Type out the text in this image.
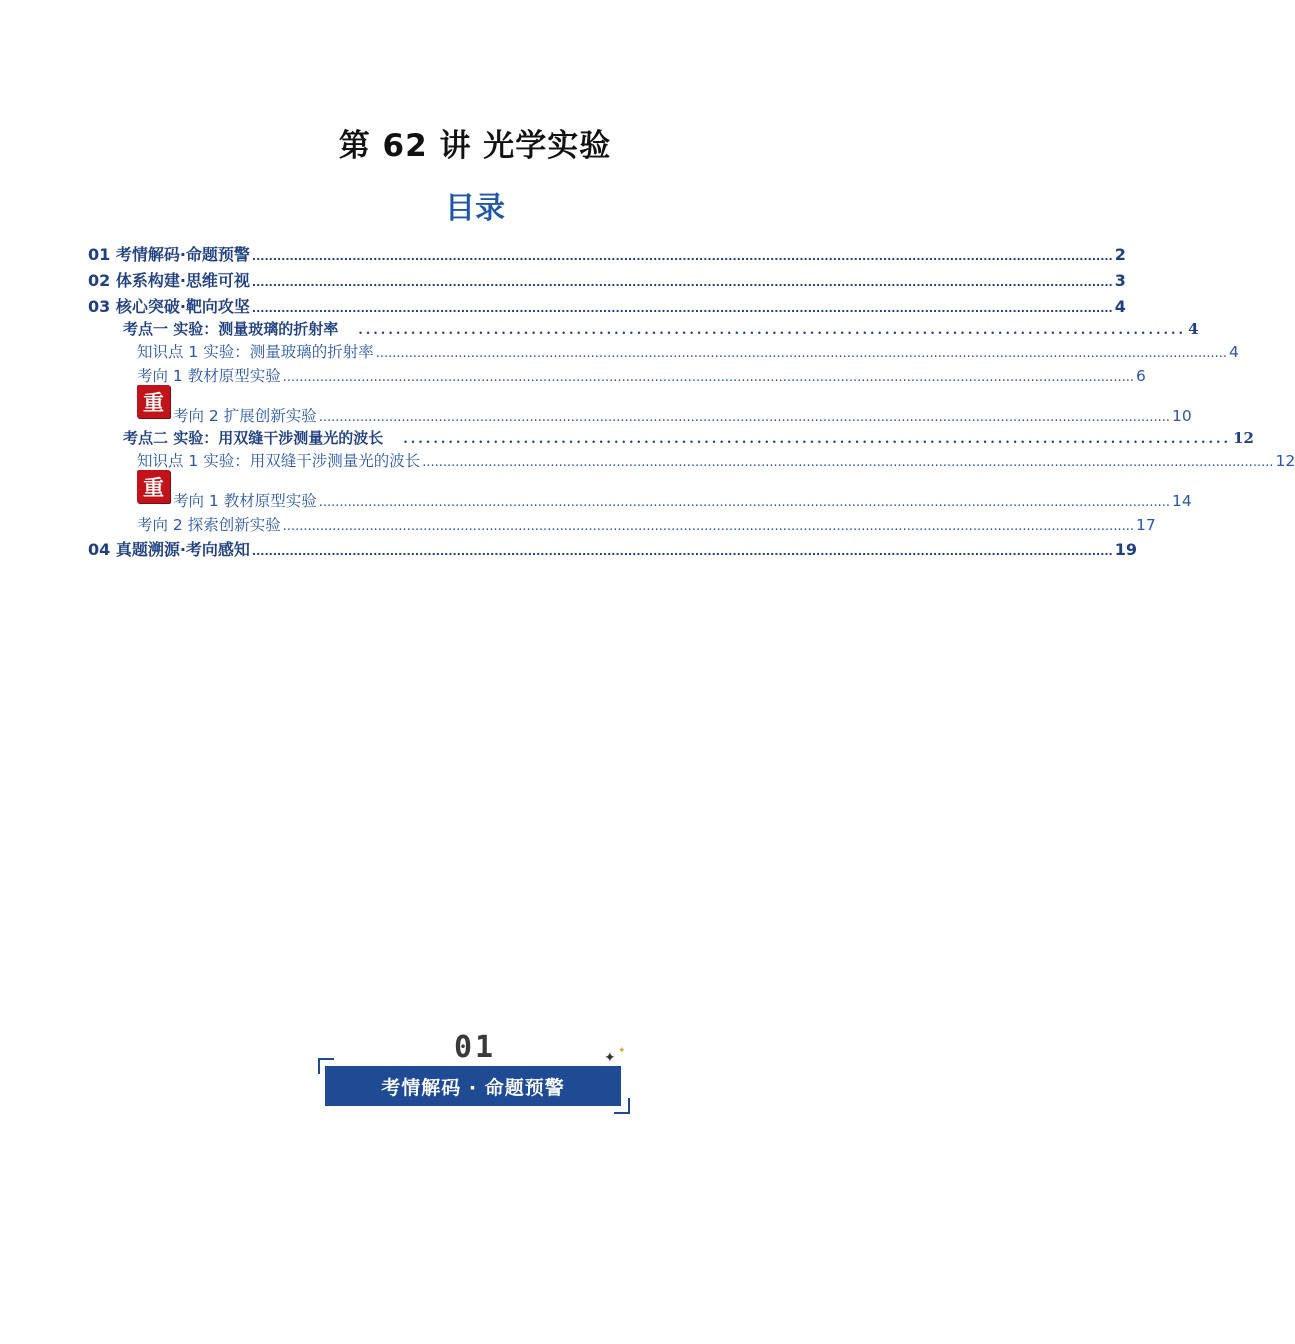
第 62 讲 光学实验
目录
01 考情解码·命题预警 .............................................................................................................................................................................................................. 2
02 体系构建·思维可视 .............................................................................................................................................................................................................. 3
03 核心突破·靶向攻坚 .............................................................................................................................................................................................................. 4
考点一 实验：测量玻璃的折射率	.............................................................................................................. 4
知识点 1 实验：测量玻璃的折射率 .............................................................................................................................................................................................................. 4
考向 1 教材原型实验 .............................................................................................................................................................................................................. 6
重
考向 2 扩展创新实验 .............................................................................................................................................................................................................. 10
考点二 实验：用双缝干涉测量光的波长	.............................................................................................................. 12
知识点 1 实验：用双缝干涉测量光的波长 .............................................................................................................................................................................................................. 12
重
考向 1 教材原型实验 .............................................................................................................................................................................................................. 14
考向 2 探索创新实验 .............................................................................................................................................................................................................. 17
04 真题溯源·考向感知 .............................................................................................................................................................................................................. 19
01
考情解码 · 命题预警
✦ ✦
